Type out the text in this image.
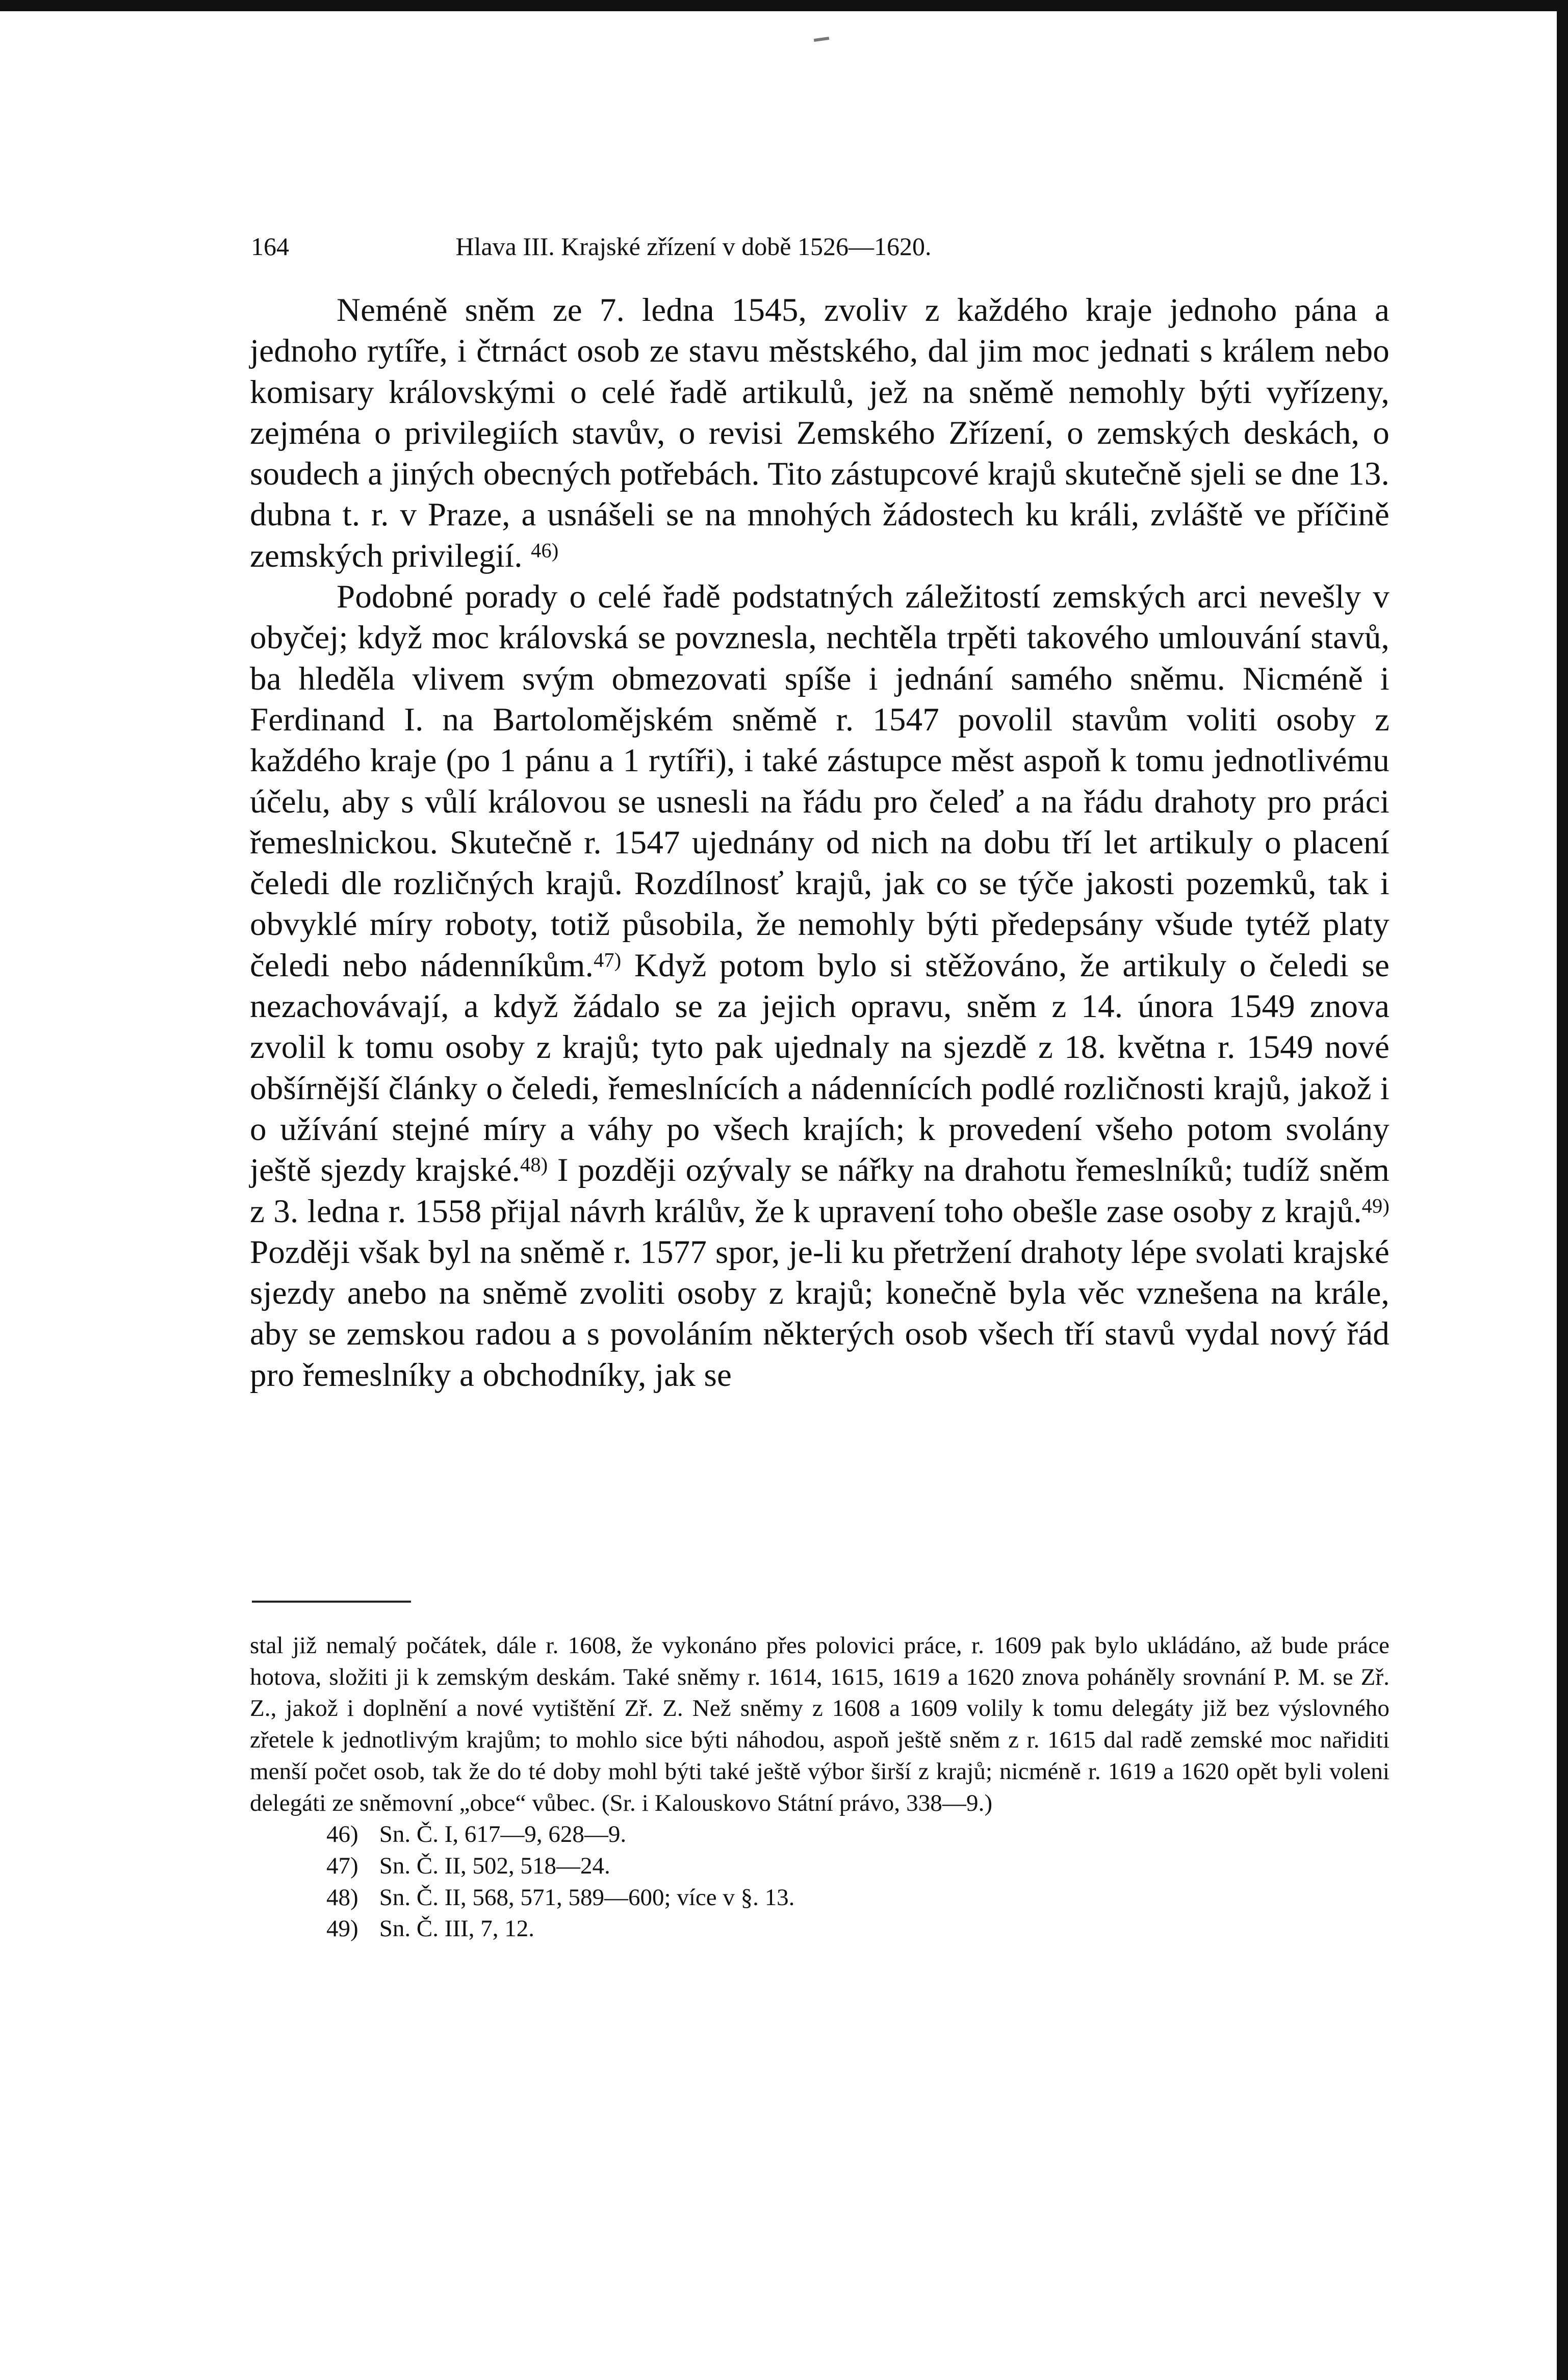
164	Hlava III. Krajské zřízení v době 1526—1620.

Neméně sněm ze 7. ledna 1545, zvoliv z každého kraje jednoho pána a jednoho rytíře, i čtrnáct osob ze stavu městského, dal jim moc jednati s králem nebo komisary královskými o celé řadě artikulů, jež na sněmě nemohly býti vyřízeny, zejména o privilegiích stavův, o revisi Zemského Zřízení, o zemských deskách, o soudech a jiných obecných potřebách. Tito zástupcové krajů skutečně sjeli se dne 13. dubna t. r. v Praze, a usnášeli se na mnohých žádostech ku králi, zvláště ve příčině zemských privilegií. $^{46)}$

Podobné porady o celé řadě podstatných záležitostí zemských arci nevešly v obyčej; když moc královská se povznesla, nechtěla trpěti takového umlouvání stavů, ba hleděla vlivem svým obmezovati spíše i jednání samého sněmu. Nicméně i Ferdinand I. na Bartolomějském sněmě r. 1547 povolil stavům voliti osoby z každého kraje (po 1 pánu a 1 rytíři), i také zástupce měst aspoň k tomu jednotlivému účelu, aby s vůlí královou se usnesli na řádu pro čeleď a na řádu drahoty pro práci řemeslnickou. Skutečně r. 1547 ujednány od nich na dobu tří let artikuly o placení čeledi dle rozličných krajů. Rozdílnosť krajů, jak co se týče jakosti pozemků, tak i obvyklé míry roboty, totiž působila, že nemohly býti předepsány všude tytéž platy čeledi nebo nádenníkům.$^{47)}$ Když potom bylo si stěžováno, že artikuly o čeledi se nezachovávají, a když žádalo se za jejich opravu, sněm z 14. února 1549 znova zvolil k tomu osoby z krajů; tyto pak ujednaly na sjezdě z 18. května r. 1549 nové obšírnější články o čeledi, řemeslnících a nádennících podlé rozličnosti krajů, jakož i o užívání stejné míry a váhy po všech krajích; k provedení všeho potom svolány ještě sjezdy krajské.$^{48)}$ I později ozývaly se nářky na drahotu řemeslníků; tudíž sněm z 3. ledna r. 1558 přijal návrh králův, že k upravení toho obešle zase osoby z krajů.$^{49)}$ Později však byl na sněmě r. 1577 spor, je-li ku přetržení drahoty lépe svolati krajské sjezdy anebo na sněmě zvoliti osoby z krajů; konečně byla věc vznešena na krále, aby se zemskou radou a s povoláním některých osob všech tří stavů vydal nový řád pro řemeslníky a obchodníky, jak se

stal již nemalý počátek, dále r. 1608, že vykonáno přes polovici práce, r. 1609 pak bylo ukládáno, až bude práce hotova, složiti ji k zemským deskám. Také sněmy r. 1614, 1615, 1619 a 1620 znova poháněly srovnání P. M. se Zř. Z., jakož i doplnění a nové vytištění Zř. Z. Než sněmy z 1608 a 1609 volily k tomu delegáty již bez výslovného zřetele k jednotlivým krajům; to mohlo sice býti náhodou, aspoň ještě sněm z r. 1615 dal radě zemské moc nařiditi menší počet osob, tak že do té doby mohl býti také ještě výbor širší z krajů; nicméně r. 1619 a 1620 opět byli voleni delegáti ze sněmovní „obce“ vůbec. (Sr. i Kalouskovo Státní právo, 338—9.)

46) Sn. Č. I, 617—9, 628—9.
47) Sn. Č. II, 502, 518—24.
48) Sn. Č. II, 568, 571, 589—600; více v §. 13.
49) Sn. Č. III, 7, 12.
